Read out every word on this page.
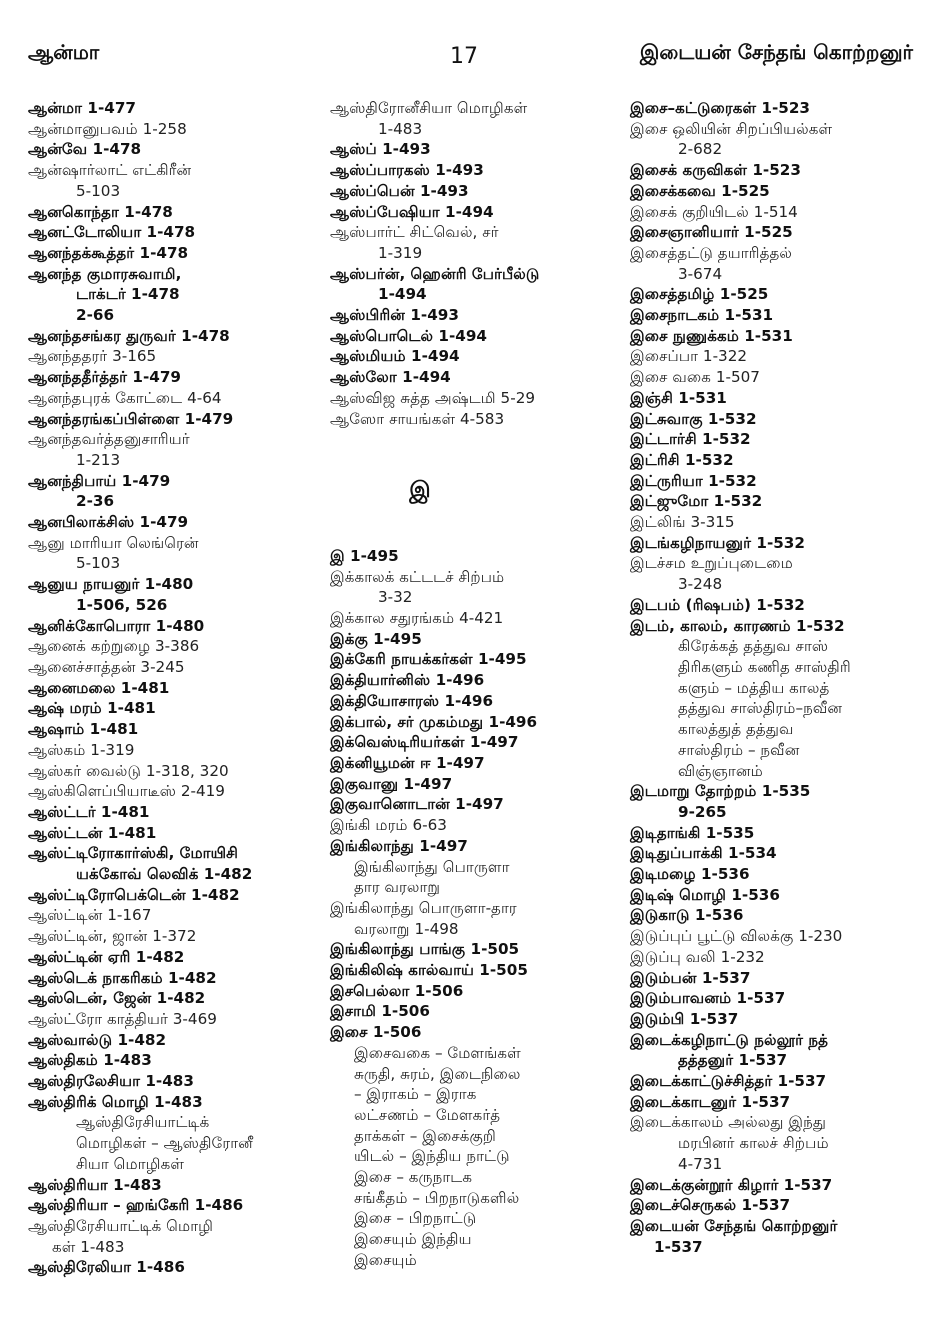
ஆன்மா	17	இடையன் சேந்தங் கொற்றனுர்
ஆன்மா 1-477
ஆன்மானுபவம் 1-258
ஆன்வே 1-478
ஆன்ஷார்லாட் எட்கிரீன்
5-103
ஆனகொந்தா 1-478
ஆனட்டோலியா 1-478
ஆனந்தக்கூத்தர் 1-478
ஆனந்த குமாரசுவாமி,
டாக்டர் 1-478
2-66
ஆனந்தசங்கர துருவர் 1-478
ஆனந்ததரர் 3-165
ஆனந்ததீர்த்தர் 1-479
ஆனந்தபுரக் கோட்டை 4-64
ஆனந்தரங்கப்பிள்ளை 1-479
ஆனந்தவர்த்தனுசாரியர்
1-213
ஆனந்திபாய் 1-479
2-36
ஆனபிலாக்சிஸ் 1-479
ஆனு மாரியா லெங்ரென்
5-103
ஆனுய நாயனுர் 1-480
1-506, 526
ஆனிக்கோபொரா 1-480
ஆனைக் கற்றுழை 3-386
ஆனைச்சாத்தன் 3-245
ஆனைமலை 1-481
ஆஷ் மரம் 1-481
ஆஷாம் 1-481
ஆஸ்கம் 1-319
ஆஸ்கர் வைல்டு 1-318, 320
ஆஸ்கிளெப்பியாடீஸ் 2-419
ஆஸ்ட்டர் 1-481
ஆஸ்ட்டன் 1-481
ஆஸ்ட்டிரோகார்ஸ்கி, மோயிசி
யக்கோவ் லெவிக் 1-482
ஆஸ்ட்டிரோபெக்டென் 1-482
ஆஸ்ட்டின் 1-167
ஆஸ்ட்டின், ஜான் 1-372
ஆஸ்ட்டின் ஏரி 1-482
ஆஸ்டெக் நாகரிகம் 1-482
ஆஸ்டென், ஜேன் 1-482
ஆஸ்ட்ரோ காத்தியர் 3-469
ஆஸ்வால்டு 1-482
ஆஸ்திகம் 1-483
ஆஸ்திரலேசியா 1-483
ஆஸ்திரிக் மொழி 1-483
ஆஸ்திரேசியாட்டிக்
மொழிகள் – ஆஸ்திரோனீ
சியா மொழிகள்
ஆஸ்திரியா 1-483
ஆஸ்திரியா – ஹங்கேரி 1-486
ஆஸ்திரேசியாட்டிக் மொழி
கள் 1-483
ஆஸ்திரேலியா 1-486
ஆஸ்திரோனீசியா மொழிகள்
1-483
ஆஸ்ப் 1-493
ஆஸ்ப்பாரகஸ் 1-493
ஆஸ்ப்பென் 1-493
ஆஸ்ப்பேஷியா 1-494
ஆஸ்பார்ட் சிட்வெல், சர்
1-319
ஆஸ்பர்ன், ஹென்ரி பேர்பீல்டு
1-494
ஆஸ்பிரின் 1-493
ஆஸ்பொடெல் 1-494
ஆஸ்மியம் 1-494
ஆஸ்லோ 1-494
ஆஸ்விஜ சுத்த அஷ்டமி 5-29
ஆஸோ சாயங்கள் 4-583
இ
இ 1-495
இக்காலக் கட்டடச் சிற்பம்
3-32
இக்கால சதுரங்கம் 4-421
இக்கு 1-495
இக்கேரி நாயக்கர்கள் 1-495
இக்தியார்னிஸ் 1-496
இக்தியோசாரஸ் 1-496
இக்பால், சர் முகம்மது 1-496
இக்வெஸ்டிரியர்கள் 1-497
இக்னியூமன் ஈ 1-497
இகுவானு 1-497
இகுவானொடான் 1-497
இங்கி மரம் 6-63
இங்கிலாந்து 1-497
இங்கிலாந்து பொருளா
தார வரலாறு
இங்கிலாந்து பொருளா-தார
வரலாறு 1-498
இங்கிலாந்து பாங்கு 1-505
இங்கிலிஷ் கால்வாய் 1-505
இசபெல்லா 1-506
இசாமி 1-506
இசை 1-506
இசைவகை – மேளங்கள்
சுருதி, சுரம், இடைநிலை
– இராகம் – இராக
லட்சணம் – மேளகர்த்
தாக்கள் – இசைக்குறி
யிடல் – இந்திய நாட்டு
இசை – கருநாடக
சங்கீதம் – பிறநாடுகளில்
இசை – பிறநாட்டு
இசையும் இந்திய
இசையும்
இசை–கட்டுரைகள் 1-523
இசை ஒலியின் சிறப்பியல்கள்
2-682
இசைக் கருவிகள் 1-523
இசைக்கவை 1-525
இசைக் குறியிடல் 1-514
இசைஞானியார் 1-525
இசைத்தட்டு தயாரித்தல்
3-674
இசைத்தமிழ் 1-525
இசைநாடகம் 1-531
இசை நுணுக்கம் 1-531
இசைப்பா 1-322
இசை வகை 1-507
இஞ்சி 1-531
இட்சுவாகு 1-532
இட்டார்சி 1-532
இட்ரிசி 1-532
இட்ருரியா 1-532
இட்ஜுமோ 1-532
இட்லிங் 3-315
இடங்கழிநாயனுர் 1-532
இடச்சம உறுப்புடைமை
3-248
இடபம் (ரிஷபம்) 1-532
இடம், காலம், காரணம் 1-532
கிரேக்கத் தத்துவ சாஸ்
திரிகளும் கணித சாஸ்திரி
களும் – மத்திய காலத்
தத்துவ சாஸ்திரம்–நவீன
காலத்துத் தத்துவ
சாஸ்திரம் – நவீன
விஞ்ஞானம்
இடமாறு தோற்றம் 1-535
9-265
இடிதாங்கி 1-535
இடிதுப்பாக்கி 1-534
இடிமழை 1-536
இடிஷ் மொழி 1-536
இடுகாடு 1-536
இடுப்புப் பூட்டு விலக்கு 1-230
இடுப்பு வலி 1-232
இடும்பன் 1-537
இடும்பாவனம் 1-537
இடும்பி 1-537
இடைக்கழிநாட்டு நல்லூர் நத்
தத்தனுர் 1-537
இடைக்காட்டுச்சித்தர் 1-537
இடைக்காடனுர் 1-537
இடைக்காலம் அல்லது இந்து
மரபினர் காலச் சிற்பம்
4-731
இடைக்குன்றூர் கிழார் 1-537
இடைச்செருகல் 1-537
இடையன் சேந்தங் கொற்றனுர்
1-537
